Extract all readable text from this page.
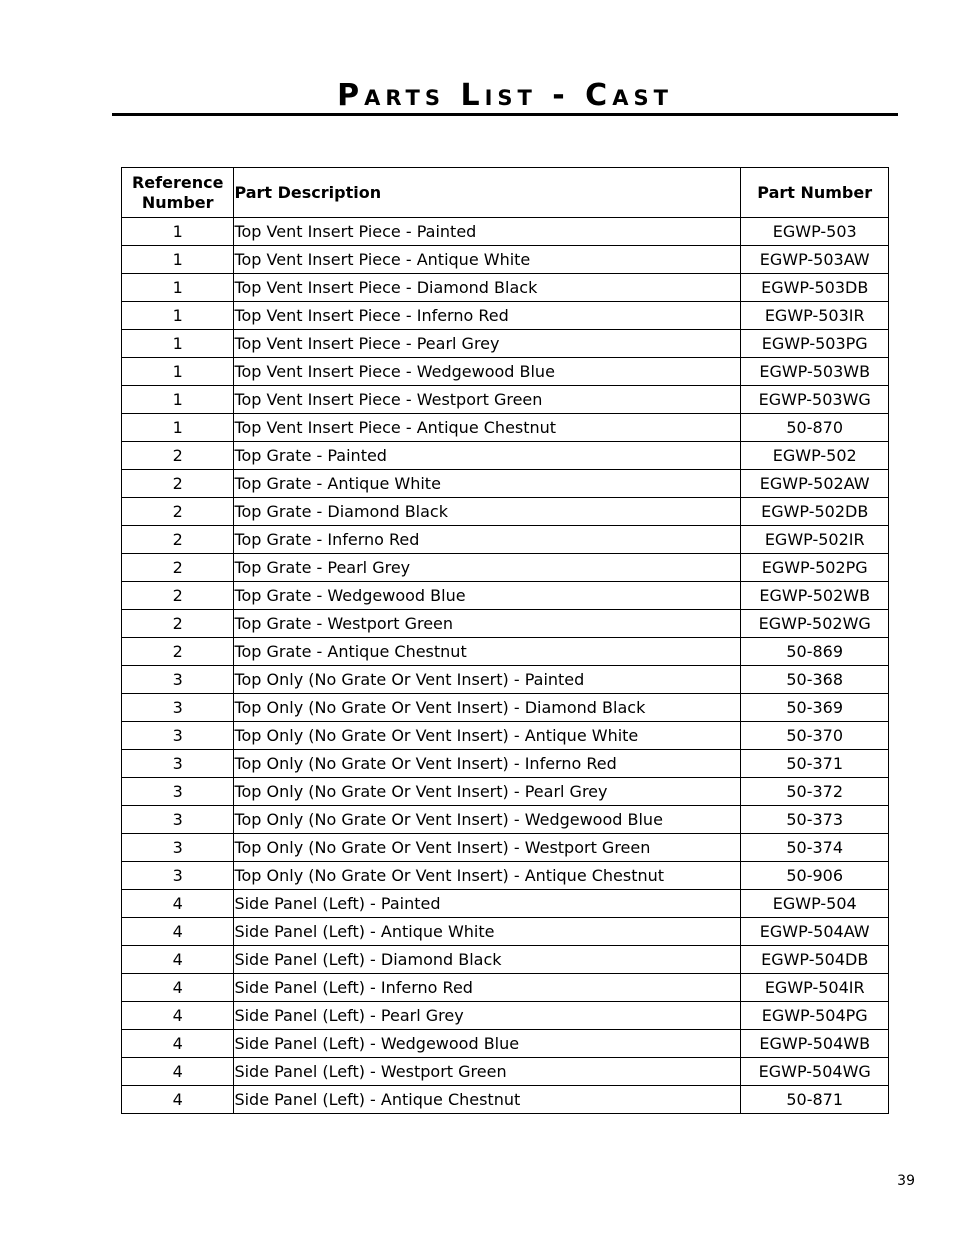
Parts List - Cast
Reference
Number	Part Description	Part Number
1	Top Vent Insert Piece - Painted	EGWP-503
1	Top Vent Insert Piece - Antique White	EGWP-503AW
1	Top Vent Insert Piece - Diamond Black	EGWP-503DB
1	Top Vent Insert Piece - Inferno Red	EGWP-503IR
1	Top Vent Insert Piece - Pearl Grey	EGWP-503PG
1	Top Vent Insert Piece - Wedgewood Blue	EGWP-503WB
1	Top Vent Insert Piece - Westport Green	EGWP-503WG
1	Top Vent Insert Piece - Antique Chestnut	50-870
2	Top Grate - Painted	EGWP-502
2	Top Grate - Antique White	EGWP-502AW
2	Top Grate - Diamond Black	EGWP-502DB
2	Top Grate - Inferno Red	EGWP-502IR
2	Top Grate - Pearl Grey	EGWP-502PG
2	Top Grate - Wedgewood Blue	EGWP-502WB
2	Top Grate - Westport Green	EGWP-502WG
2	Top Grate - Antique Chestnut	50-869
3	Top Only (No Grate Or Vent Insert) - Painted	50-368
3	Top Only (No Grate Or Vent Insert) - Diamond Black	50-369
3	Top Only (No Grate Or Vent Insert) - Antique White	50-370
3	Top Only (No Grate Or Vent Insert) - Inferno Red	50-371
3	Top Only (No Grate Or Vent Insert) - Pearl Grey	50-372
3	Top Only (No Grate Or Vent Insert) - Wedgewood Blue	50-373
3	Top Only (No Grate Or Vent Insert) - Westport Green	50-374
3	Top Only (No Grate Or Vent Insert) - Antique Chestnut	50-906
4	Side Panel (Left) - Painted	EGWP-504
4	Side Panel (Left) - Antique White	EGWP-504AW
4	Side Panel (Left) - Diamond Black	EGWP-504DB
4	Side Panel (Left) - Inferno Red	EGWP-504IR
4	Side Panel (Left) - Pearl Grey	EGWP-504PG
4	Side Panel (Left) - Wedgewood Blue	EGWP-504WB
4	Side Panel (Left) - Westport Green	EGWP-504WG
4	Side Panel (Left) - Antique Chestnut	50-871
39
